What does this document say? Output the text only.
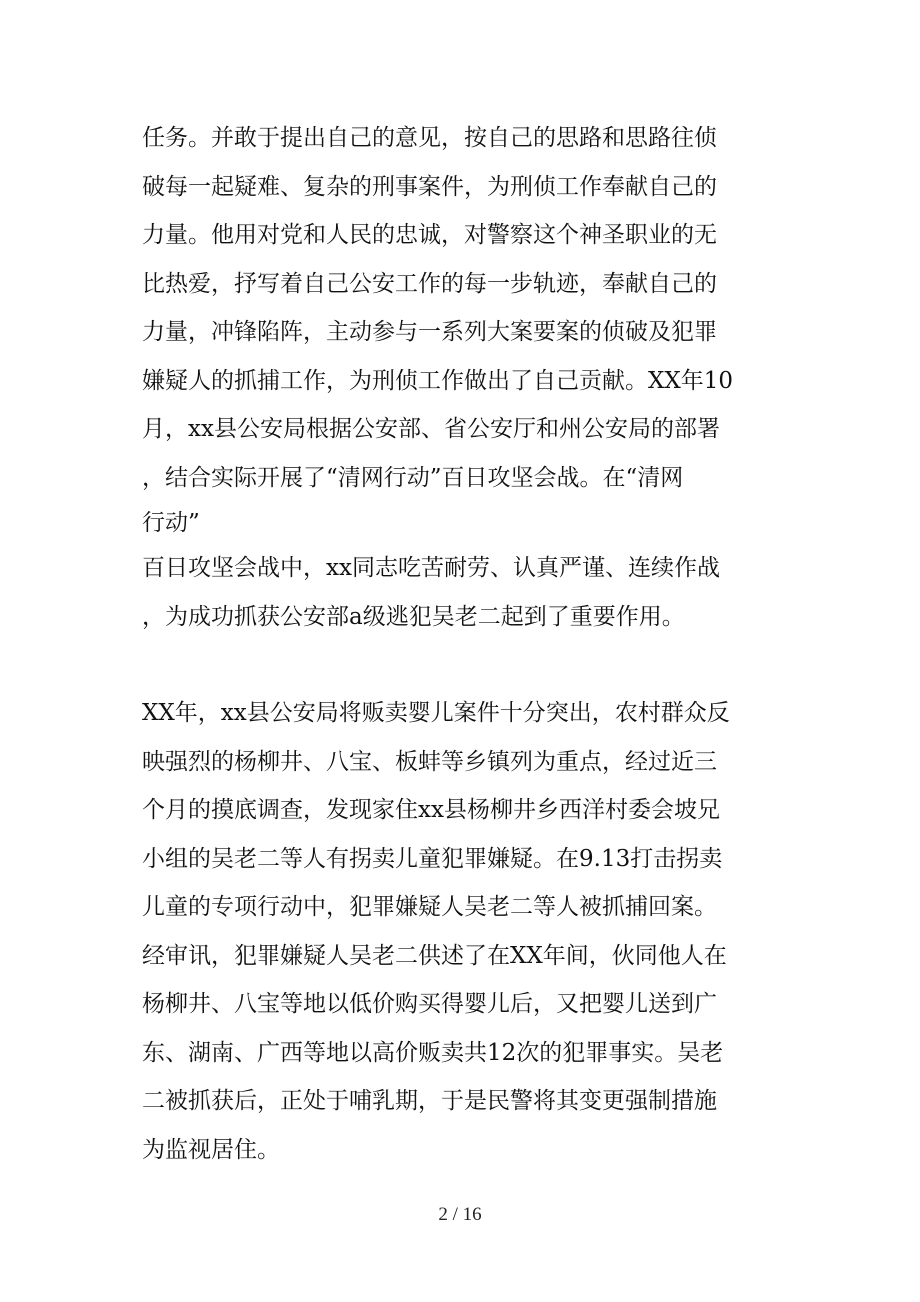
任务。并敢于提出自己的意见，按自己的思路和思路往侦
破每一起疑难、复杂的刑事案件，为刑侦工作奉献自己的
力量。他用对党和人民的忠诚，对警察这个神圣职业的无
比热爱，抒写着自己公安工作的每一步轨迹，奉献自己的
力量，冲锋陷阵，主动参与一系列大案要案的侦破及犯罪
嫌疑人的抓捕工作，为刑侦工作做出了自己贡献。XX年10
月，xx县公安局根据公安部、省公安厅和州公安局的部署
，结合实际开展了“清网行动”百日攻坚会战。在“清网
行动”
百日攻坚会战中，xx同志吃苦耐劳、认真严谨、连续作战
，为成功抓获公安部a级逃犯吴老二起到了重要作用。
XX年，xx县公安局将贩卖婴儿案件十分突出，农村群众反
映强烈的杨柳井、八宝、板蚌等乡镇列为重点，经过近三
个月的摸底调查，发现家住xx县杨柳井乡西洋村委会坡兄
小组的吴老二等人有拐卖儿童犯罪嫌疑。在9.13打击拐卖
儿童的专项行动中，犯罪嫌疑人吴老二等人被抓捕回案。
经审讯，犯罪嫌疑人吴老二供述了在XX年间，伙同他人在
杨柳井、八宝等地以低价购买得婴儿后，又把婴儿送到广
东、湖南、广西等地以高价贩卖共12次的犯罪事实。吴老
二被抓获后，正处于哺乳期，于是民警将其变更强制措施
为监视居住。
2 / 16
